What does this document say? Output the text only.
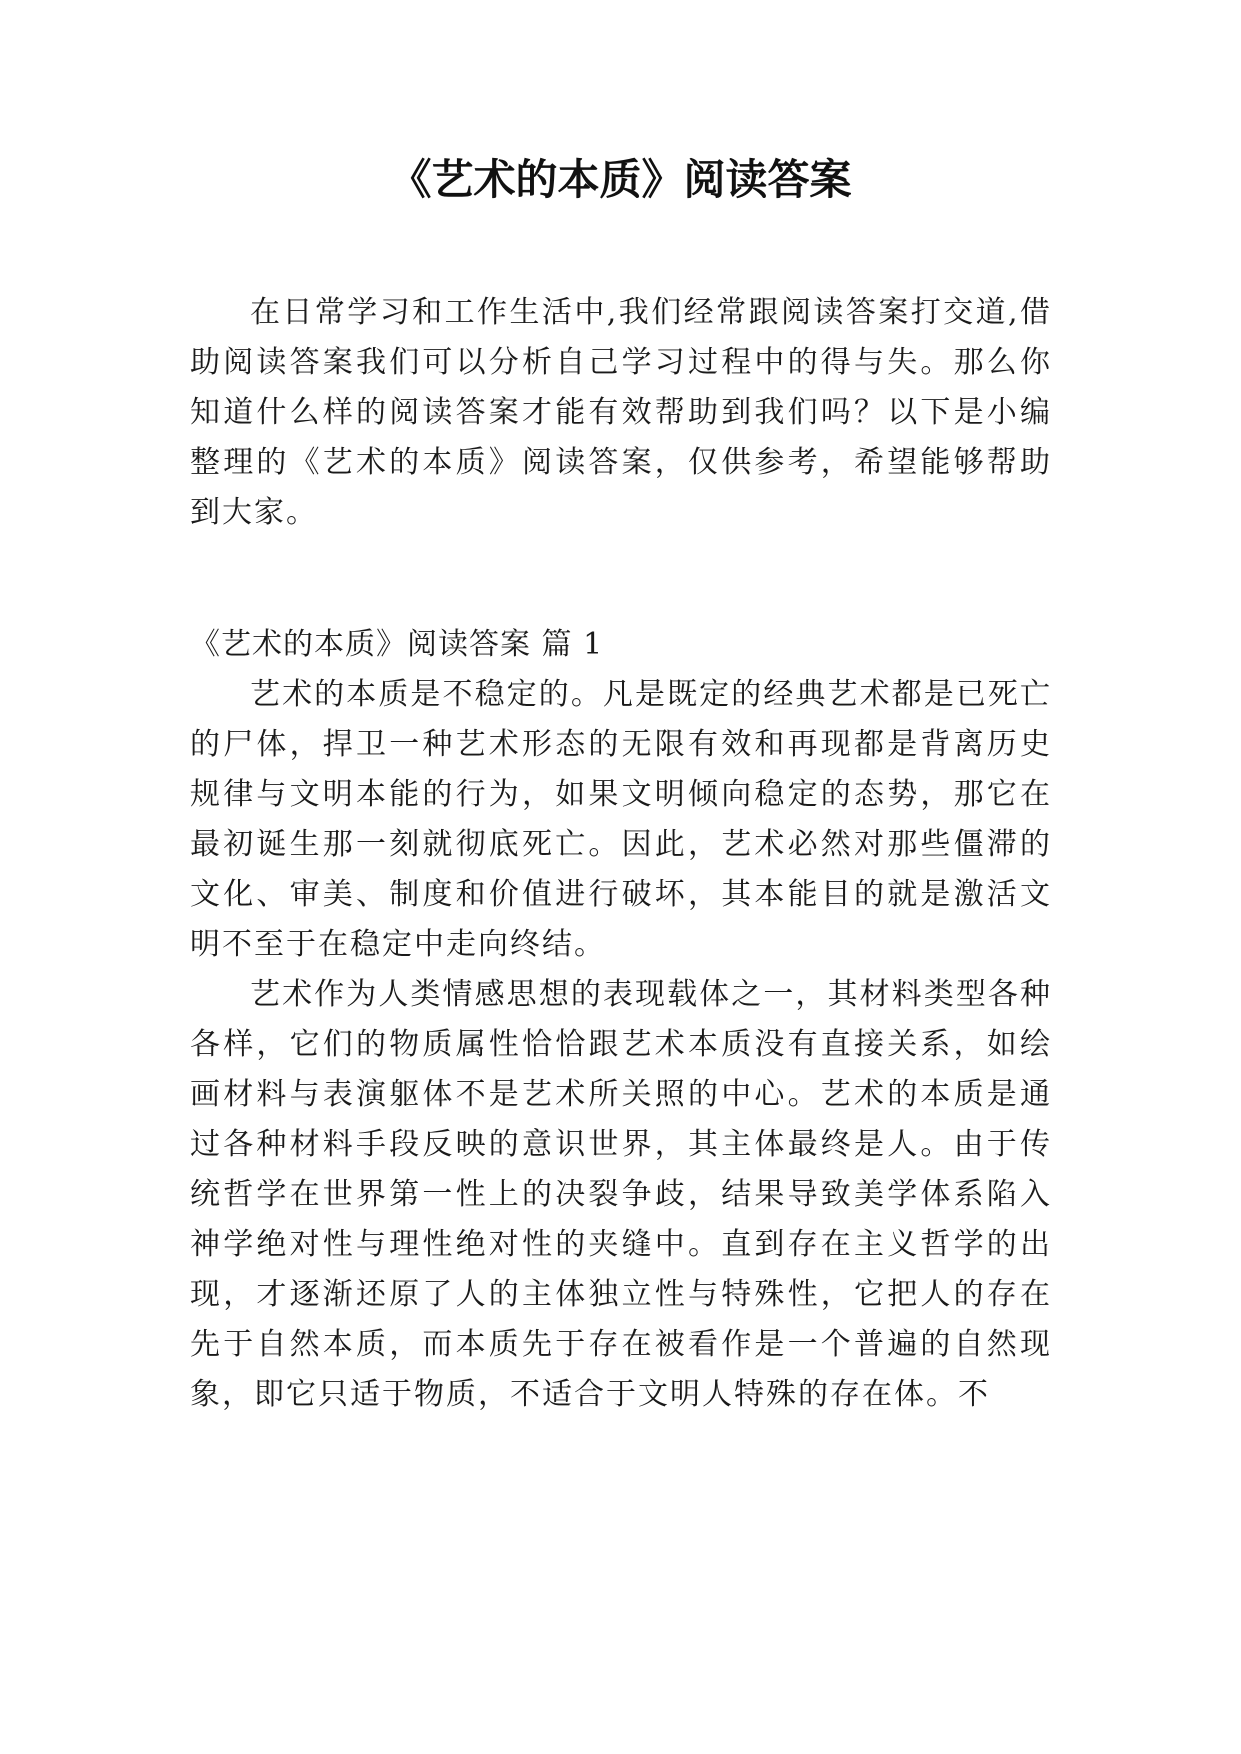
《艺术的本质》阅读答案

在日常学习和工作生活中,我们经常跟阅读答案打交道,借助阅读答案我们可以分析自己学习过程中的得与失。那么你知道什么样的阅读答案才能有效帮助到我们吗？以下是小编整理的《艺术的本质》阅读答案，仅供参考，希望能够帮助到大家。

《艺术的本质》阅读答案 篇 1

艺术的本质是不稳定的。凡是既定的经典艺术都是已死亡的尸体，捍卫一种艺术形态的无限有效和再现都是背离历史规律与文明本能的行为，如果文明倾向稳定的态势，那它在最初诞生那一刻就彻底死亡。因此，艺术必然对那些僵滞的文化、审美、制度和价值进行破坏，其本能目的就是激活文明不至于在稳定中走向终结。

艺术作为人类情感思想的表现载体之一，其材料类型各种各样，它们的物质属性恰恰跟艺术本质没有直接关系，如绘画材料与表演躯体不是艺术所关照的中心。艺术的本质是通过各种材料手段反映的意识世界，其主体最终是人。由于传统哲学在世界第一性上的决裂争歧，结果导致美学体系陷入神学绝对性与理性绝对性的夹缝中。直到存在主义哲学的出现，才逐渐还原了人的主体独立性与特殊性，它把人的存在先于自然本质，而本质先于存在被看作是一个普遍的自然现象，即它只适于物质，不适合于文明人特殊的存在体。不
